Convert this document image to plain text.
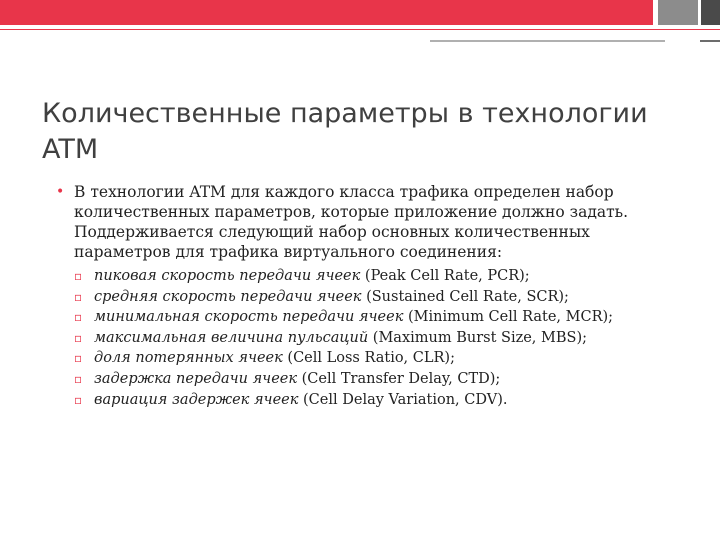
Количественные параметры в технологии ATM
• В технологии ATM для каждого класса трафика определен набор количественных параметров, которые приложение должно задать. Поддерживается следующий набор основных количественных параметров для трафика виртуального соединения:
▫ пиковая скорость передачи ячеек (Peak Cell Rate, PCR);
▫ средняя скорость передачи ячеек (Sustained Cell Rate, SCR);
▫ минимальная скорость передачи ячеек (Minimum Cell Rate, MCR);
▫ максимальная величина пульсаций (Maximum Burst Size, MBS);
▫ доля потерянных ячеек (Cell Loss Ratio, CLR);
▫ задержка передачи ячеек (Cell Transfer Delay, CTD);
▫ вариация задержек ячеек (Cell Delay Variation, CDV).
